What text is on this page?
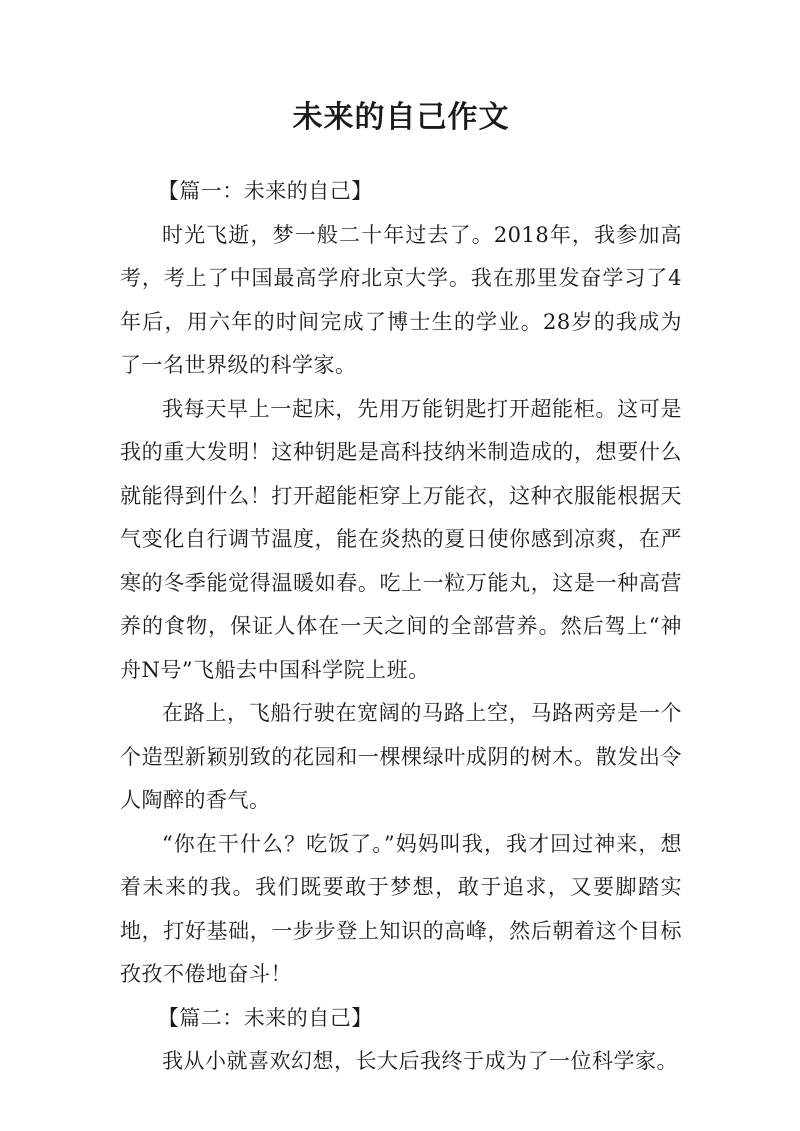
未来的自己作文
【篇一：未来的自己】

时光飞逝，梦一般二十年过去了。2018年，我参加高考，考上了中国最高学府北京大学。我在那里发奋学习了4年后，用六年的时间完成了博士生的学业。28岁的我成为了一名世界级的科学家。

我每天早上一起床，先用万能钥匙打开超能柜。这可是我的重大发明！这种钥匙是高科技纳米制造成的，想要什么就能得到什么！打开超能柜穿上万能衣，这种衣服能根据天气变化自行调节温度，能在炎热的夏日使你感到凉爽，在严寒的冬季能觉得温暖如春。吃上一粒万能丸，这是一种高营养的食物，保证人体在一天之间的全部营养。然后驾上“神舟N号”飞船去中国科学院上班。

在路上，飞船行驶在宽阔的马路上空，马路两旁是一个个造型新颖别致的花园和一棵棵绿叶成阴的树木。散发出令人陶醉的香气。

“你在干什么？吃饭了。”妈妈叫我，我才回过神来，想着未来的我。我们既要敢于梦想，敢于追求，又要脚踏实地，打好基础，一步步登上知识的高峰，然后朝着这个目标孜孜不倦地奋斗！

【篇二：未来的自己】

我从小就喜欢幻想，长大后我终于成为了一位科学家。
